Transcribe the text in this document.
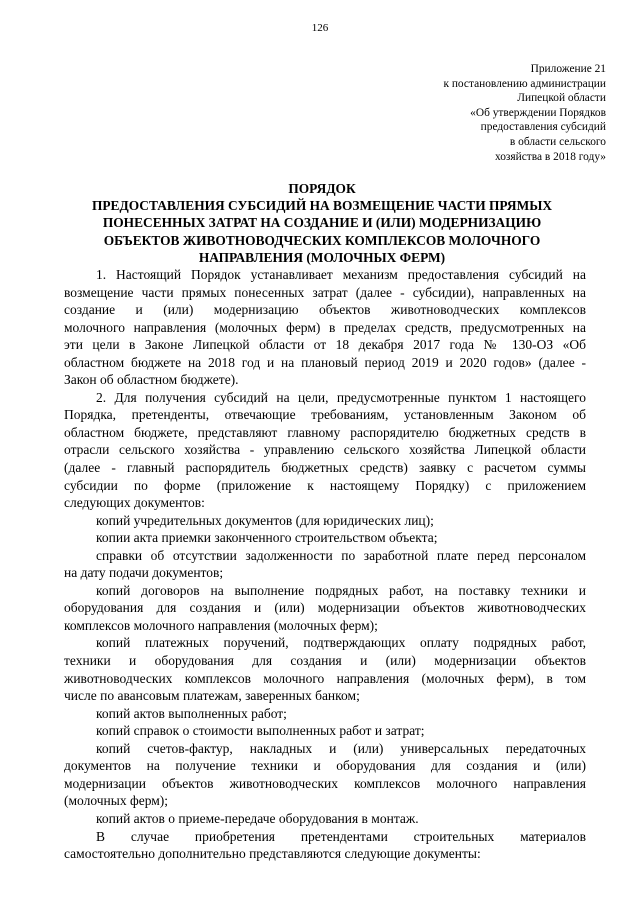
126
Приложение 21
к постановлению администрации
Липецкой области
«Об утверждении Порядков
предоставления субсидий
в области сельского
хозяйства в 2018 году»
ПОРЯДОК
ПРЕДОСТАВЛЕНИЯ СУБСИДИЙ НА ВОЗМЕЩЕНИЕ ЧАСТИ ПРЯМЫХ
ПОНЕСЕННЫХ ЗАТРАТ НА СОЗДАНИЕ И (ИЛИ) МОДЕРНИЗАЦИЮ
ОБЪЕКТОВ ЖИВОТНОВОДЧЕСКИХ КОМПЛЕКСОВ МОЛОЧНОГО
НАПРАВЛЕНИЯ (МОЛОЧНЫХ ФЕРМ)
1. Настоящий Порядок устанавливает механизм предоставления субсидий на
возмещение части прямых понесенных затрат (далее - субсидии), направленных на
создание и (или) модернизацию объектов животноводческих комплексов
молочного направления (молочных ферм) в пределах средств, предусмотренных на
эти цели в Законе Липецкой области от 18 декабря 2017 года № 130-ОЗ «Об
областном бюджете на 2018 год и на плановый период 2019 и 2020 годов» (далее -
Закон об областном бюджете).
2. Для получения субсидий на цели, предусмотренные пунктом 1 настоящего
Порядка, претенденты, отвечающие требованиям, установленным Законом об
областном бюджете, представляют главному распорядителю бюджетных средств в
отрасли сельского хозяйства - управлению сельского хозяйства Липецкой области
(далее - главный распорядитель бюджетных средств) заявку с расчетом суммы
субсидии по форме (приложение к настоящему Порядку) с приложением
следующих документов:
копий учредительных документов (для юридических лиц);
копии акта приемки законченного строительством объекта;
справки об отсутствии задолженности по заработной плате перед персоналом
на дату подачи документов;
копий договоров на выполнение подрядных работ, на поставку техники и
оборудования для создания и (или) модернизации объектов животноводческих
комплексов молочного направления (молочных ферм);
копий платежных поручений, подтверждающих оплату подрядных работ,
техники и оборудования для создания и (или) модернизации объектов
животноводческих комплексов молочного направления (молочных ферм), в том
числе по авансовым платежам, заверенных банком;
копий актов выполненных работ;
копий справок о стоимости выполненных работ и затрат;
копий счетов-фактур, накладных и (или) универсальных передаточных
документов на получение техники и оборудования для создания и (или)
модернизации объектов животноводческих комплексов молочного направления
(молочных ферм);
копий актов о приеме-передаче оборудования в монтаж.
В случае приобретения претендентами строительных материалов
самостоятельно дополнительно представляются следующие документы:
